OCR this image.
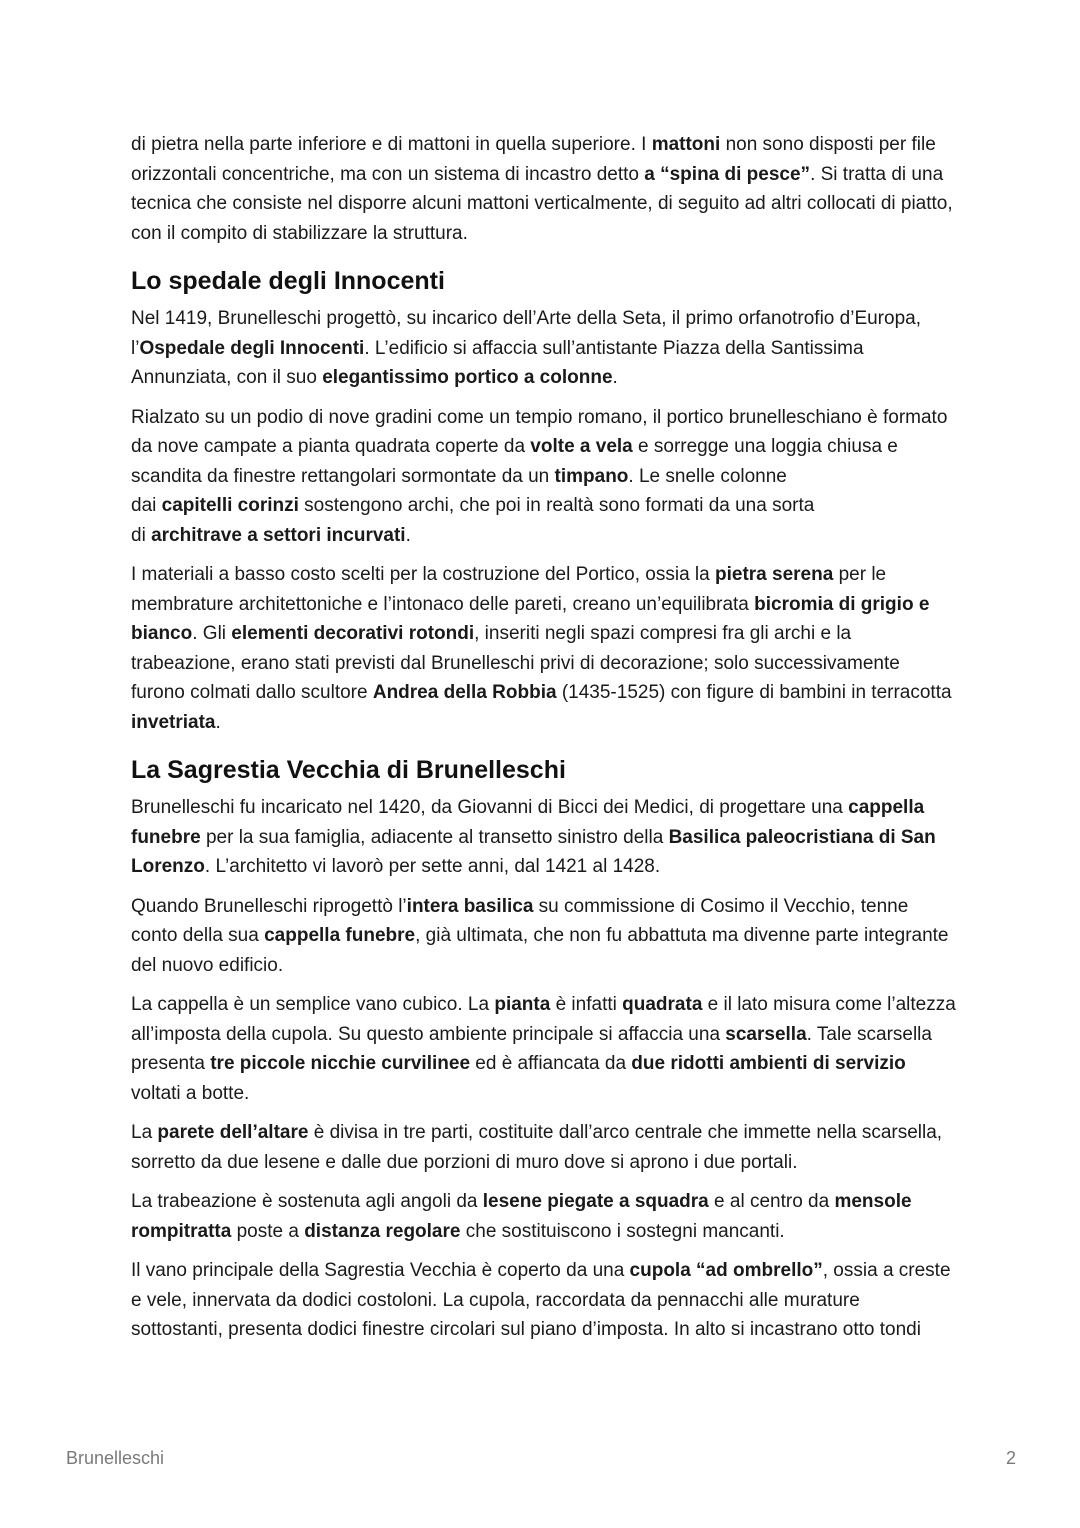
di pietra nella parte inferiore e di mattoni in quella superiore. I mattoni non sono disposti per file orizzontali concentriche, ma con un sistema di incastro detto a “spina di pesce”. Si tratta di una tecnica che consiste nel disporre alcuni mattoni verticalmente, di seguito ad altri collocati di piatto, con il compito di stabilizzare la struttura.

Lo spedale degli Innocenti

Nel 1419, Brunelleschi progettò, su incarico dell’Arte della Seta, il primo orfanotrofio d’Europa, l’Ospedale degli Innocenti. L’edificio si affaccia sull’antistante Piazza della Santissima Annunziata, con il suo elegantissimo portico a colonne.

Rialzato su un podio di nove gradini come un tempio romano, il portico brunelleschiano è formato da nove campate a pianta quadrata coperte da volte a vela e sorregge una loggia chiusa e scandita da finestre rettangolari sormontate da un timpano. Le snelle colonne
dai capitelli corinzi sostengono archi, che poi in realtà sono formati da una sorta
di architrave a settori incurvati.

I materiali a basso costo scelti per la costruzione del Portico, ossia la pietra serena per le membrature architettoniche e l’intonaco delle pareti, creano un’equilibrata bicromia di grigio e bianco. Gli elementi decorativi rotondi, inseriti negli spazi compresi fra gli archi e la trabeazione, erano stati previsti dal Brunelleschi privi di decorazione; solo successivamente furono colmati dallo scultore Andrea della Robbia (1435-1525) con figure di bambini in terracotta invetriata.

La Sagrestia Vecchia di Brunelleschi

Brunelleschi fu incaricato nel 1420, da Giovanni di Bicci dei Medici, di progettare una cappella funebre per la sua famiglia, adiacente al transetto sinistro della Basilica paleocristiana di San Lorenzo. L’architetto vi lavorò per sette anni, dal 1421 al 1428.

Quando Brunelleschi riprogettò l’intera basilica su commissione di Cosimo il Vecchio, tenne conto della sua cappella funebre, già ultimata, che non fu abbattuta ma divenne parte integrante del nuovo edificio.

La cappella è un semplice vano cubico. La pianta è infatti quadrata e il lato misura come l’altezza all’imposta della cupola. Su questo ambiente principale si affaccia una scarsella. Tale scarsella presenta tre piccole nicchie curvilinee ed è affiancata da due ridotti ambienti di servizio voltati a botte.

La parete dell’altare è divisa in tre parti, costituite dall’arco centrale che immette nella scarsella, sorretto da due lesene e dalle due porzioni di muro dove si aprono i due portali.

La trabeazione è sostenuta agli angoli da lesene piegate a squadra e al centro da mensole rompitratta poste a distanza regolare che sostituiscono i sostegni mancanti.

Il vano principale della Sagrestia Vecchia è coperto da una cupola “ad ombrello”, ossia a creste e vele, innervata da dodici costoloni. La cupola, raccordata da pennacchi alle murature sottostanti, presenta dodici finestre circolari sul piano d’imposta. In alto si incastrano otto tondi

Brunelleschi	2
